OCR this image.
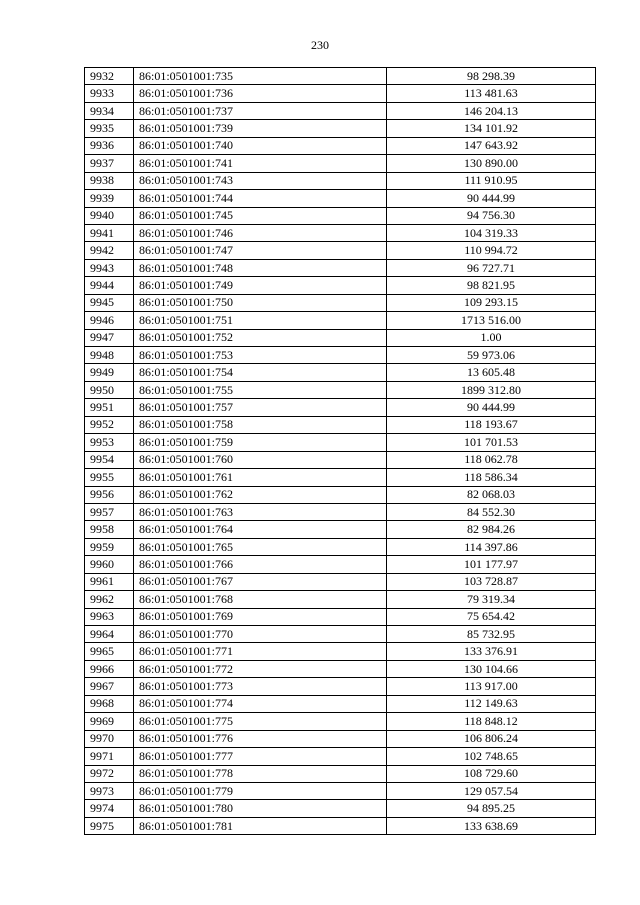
230
9932	86:01:0501001:735	98 298.39
9933	86:01:0501001:736	113 481.63
9934	86:01:0501001:737	146 204.13
9935	86:01:0501001:739	134 101.92
9936	86:01:0501001:740	147 643.92
9937	86:01:0501001:741	130 890.00
9938	86:01:0501001:743	111 910.95
9939	86:01:0501001:744	90 444.99
9940	86:01:0501001:745	94 756.30
9941	86:01:0501001:746	104 319.33
9942	86:01:0501001:747	110 994.72
9943	86:01:0501001:748	96 727.71
9944	86:01:0501001:749	98 821.95
9945	86:01:0501001:750	109 293.15
9946	86:01:0501001:751	1713 516.00
9947	86:01:0501001:752	1.00
9948	86:01:0501001:753	59 973.06
9949	86:01:0501001:754	13 605.48
9950	86:01:0501001:755	1899 312.80
9951	86:01:0501001:757	90 444.99
9952	86:01:0501001:758	118 193.67
9953	86:01:0501001:759	101 701.53
9954	86:01:0501001:760	118 062.78
9955	86:01:0501001:761	118 586.34
9956	86:01:0501001:762	82 068.03
9957	86:01:0501001:763	84 552.30
9958	86:01:0501001:764	82 984.26
9959	86:01:0501001:765	114 397.86
9960	86:01:0501001:766	101 177.97
9961	86:01:0501001:767	103 728.87
9962	86:01:0501001:768	79 319.34
9963	86:01:0501001:769	75 654.42
9964	86:01:0501001:770	85 732.95
9965	86:01:0501001:771	133 376.91
9966	86:01:0501001:772	130 104.66
9967	86:01:0501001:773	113 917.00
9968	86:01:0501001:774	112 149.63
9969	86:01:0501001:775	118 848.12
9970	86:01:0501001:776	106 806.24
9971	86:01:0501001:777	102 748.65
9972	86:01:0501001:778	108 729.60
9973	86:01:0501001:779	129 057.54
9974	86:01:0501001:780	94 895.25
9975	86:01:0501001:781	133 638.69
